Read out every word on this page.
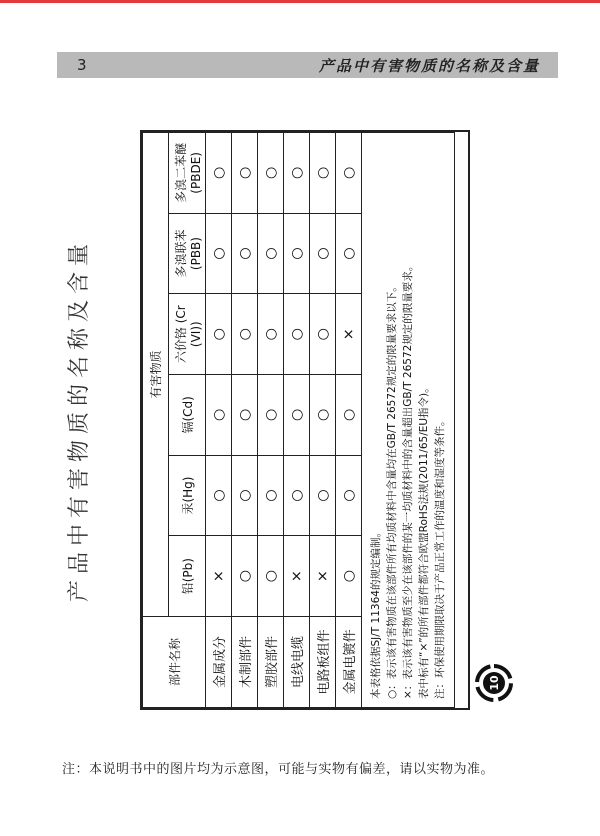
3	产品中有害物质的名称及含量
产品中有害物质的名称及含量
部件名称	有害物质					
	铅(Pb)	汞(Hg)	镉(Cd)	六价铬 (Cr (VI))	多溴联苯 (PBB)	多溴二苯醚 (PBDE)
金属成分	×	○	○	○	○	○
木制部件	○	○	○	○	○	○
塑胶部件	○	○	○	○	○	○
电线电缆	×	○	○	○	○	○
电路板组件	×	○	○	○	○	○
金属电镀件	○	○	○	×	○	○

本表格依据SJ/T 11364的规定编制。 ○：表示该有害物质在该部件所有均质材料中含量均在GB/T 26572规定的限量要求以下。 ×：表示该有害物质至少在该部件的某一均质材料中的含量超出GB/T 26572规定的限量要求。 表中标有“×”的所有部件都符合欧盟RoHS法规(2011/65/EU指令)。 注：环保使用期限取决于产品正常工作的温度和湿度等条件。							10
注：本说明书中的图片均为示意图，可能与实物有偏差，请以实物为准。
